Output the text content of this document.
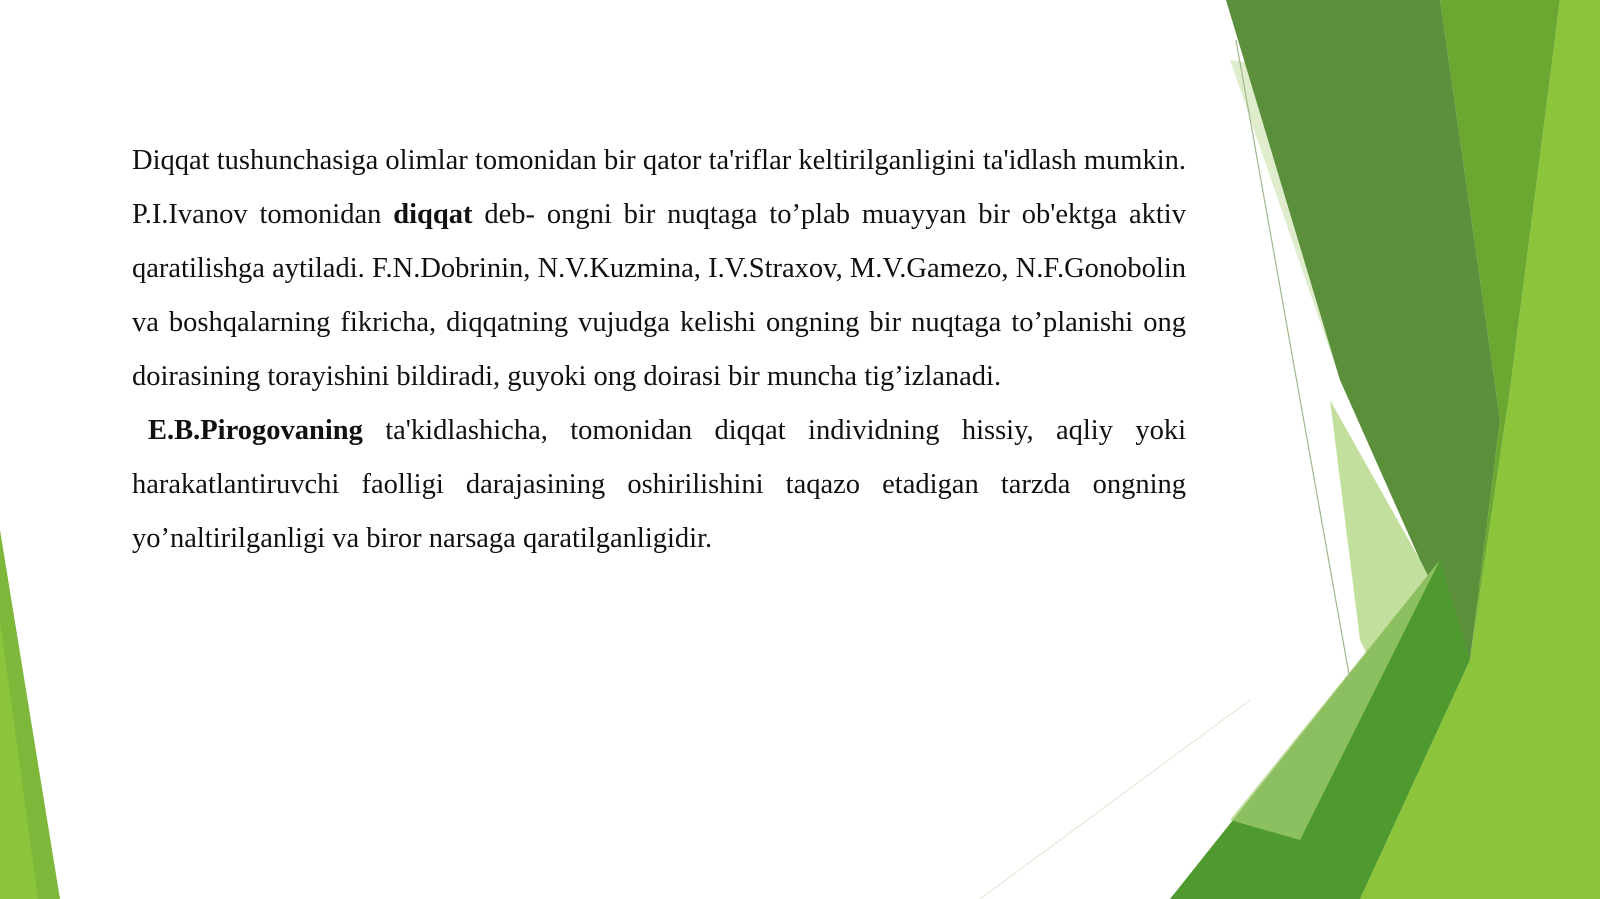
Diqqat tushunchasiga olimlar tomonidan bir qator ta'riflar keltirilganligini ta'idlash mumkin. P.I.Ivanov tomonidan diqqat deb- ongni bir nuqtaga to’plab muayyan bir ob'ektga aktiv qaratilishga aytiladi. F.N.Dobrinin, N.V.Kuzmina, I.V.Straxov, M.V.Gamezo, N.F.Gonobolin va boshqalarning fikricha, diqqatning vujudga kelishi ongning bir nuqtaga to’planishi ong doirasining torayishini bildiradi, guyoki ong doirasi bir muncha tig’izlanadi.

E.B.Pirogovaning ta'kidlashicha, tomonidan diqqat individning hissiy, aqliy yoki harakatlantiruvchi faolligi darajasining oshirilishini taqazo etadigan tarzda ongning yo’naltirilganligi va biror narsaga qaratilganligidir.
